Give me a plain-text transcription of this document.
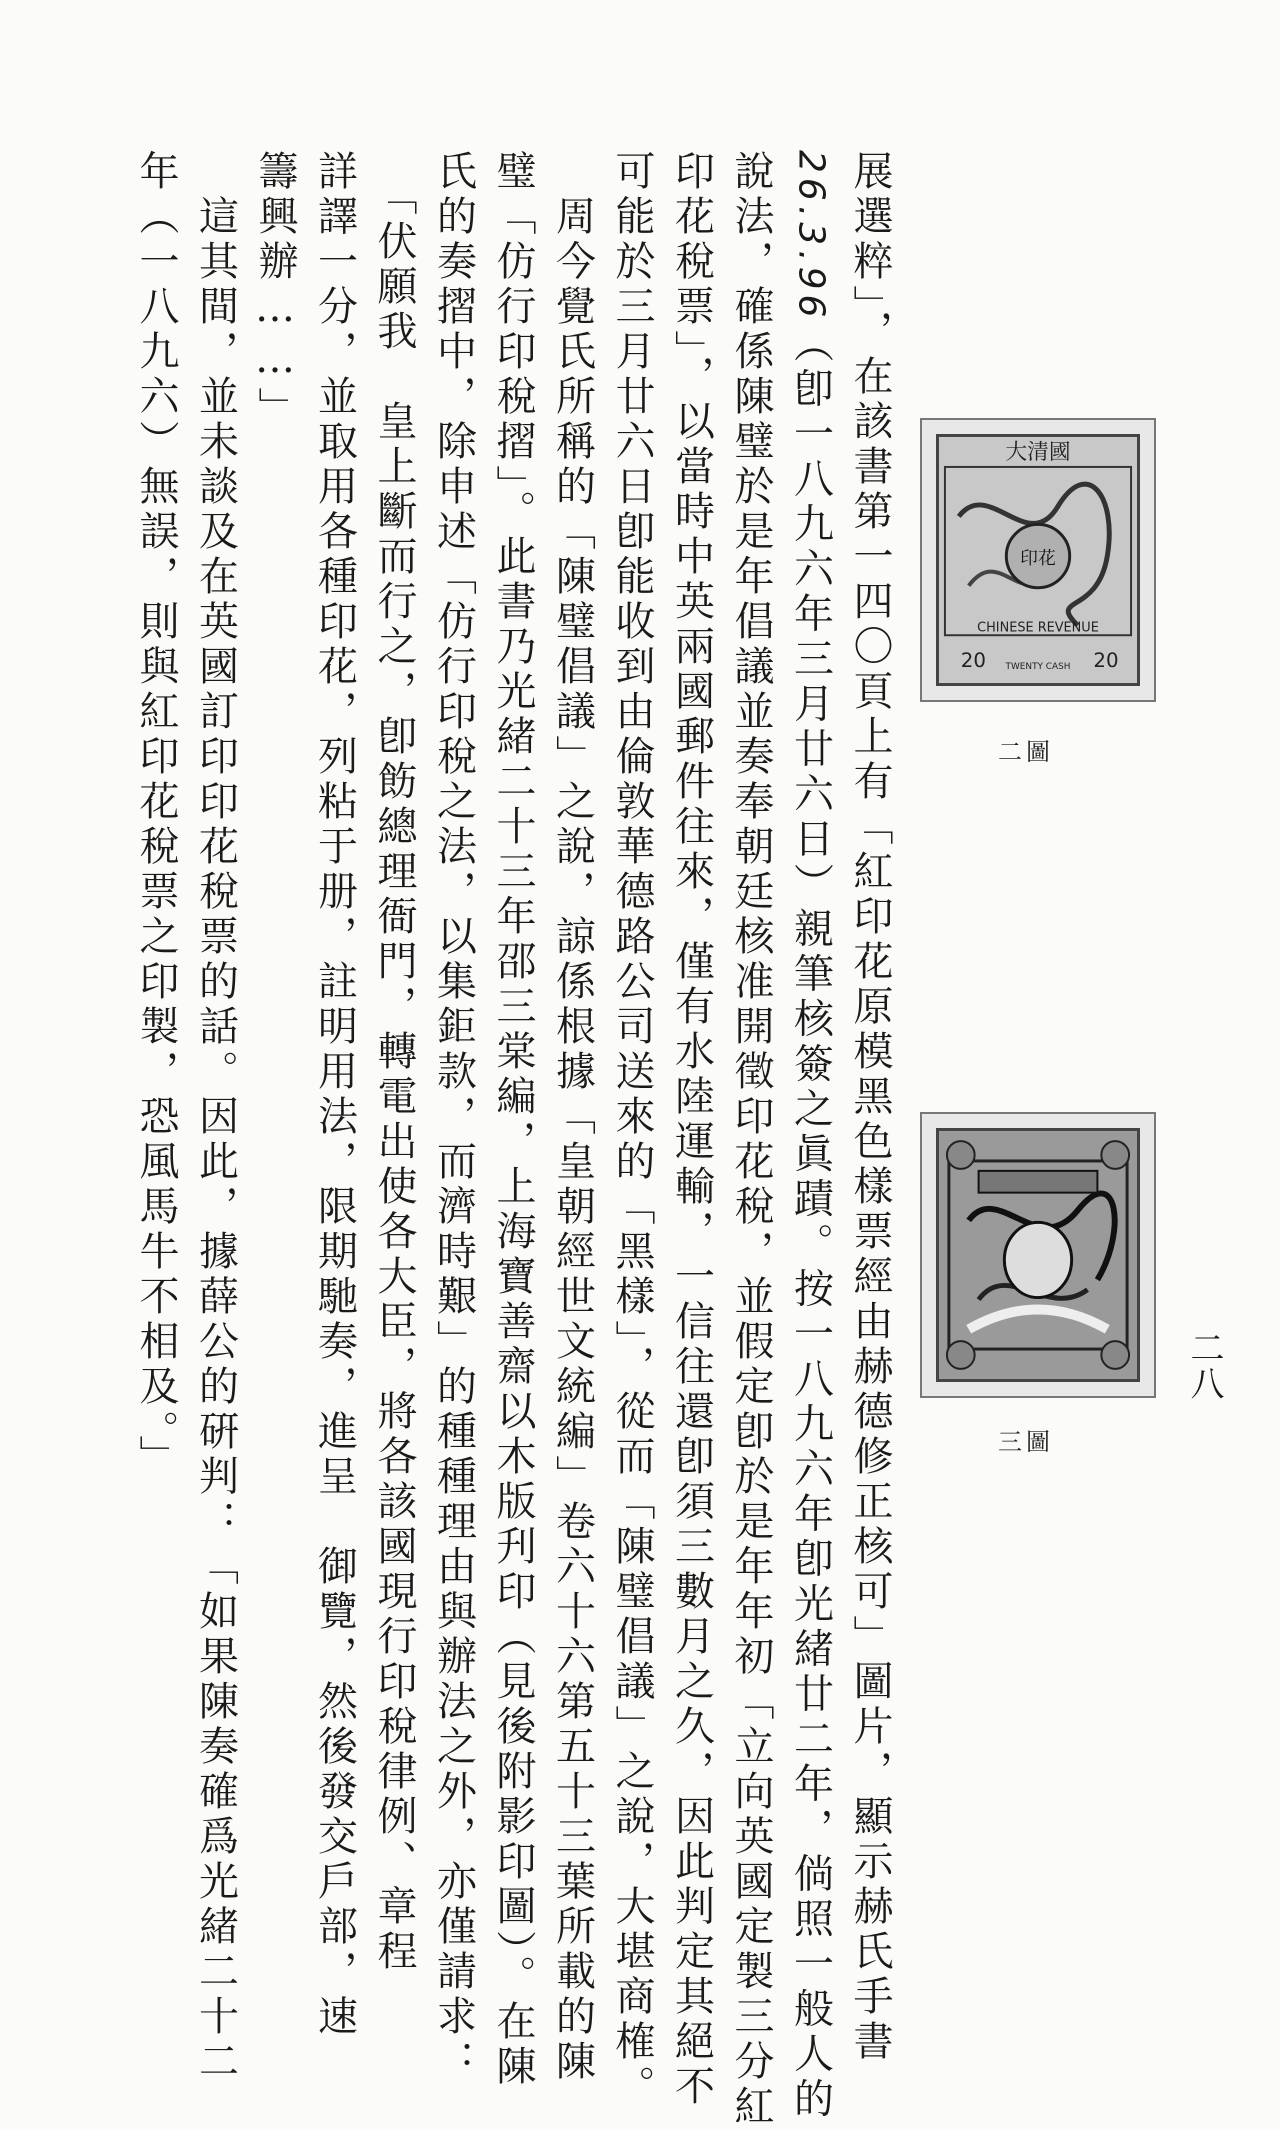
展選粹」，在該書第一四〇頁上有「紅印花原模黑色樣票經由赫德修正核可」圖片，顯示赫氏手書
26.3.96（卽一八九六年三月廿六日）親筆核簽之眞蹟。按一八九六年卽光緒廿二年，倘照一般人的
說法，確係陳璧於是年倡議並奏奉朝廷核准開徵印花稅，並假定卽於是年年初「立向英國定製三分紅
印花稅票」，以當時中英兩國郵件往來，僅有水陸運輸，一信往還卽須三數月之久，因此判定其絕不
可能於三月廿六日卽能收到由倫敦華德路公司送來的「黑樣」，從而「陳璧倡議」之說，大堪商榷。
　周今覺氏所稱的「陳璧倡議」之說，諒係根據「皇朝經世文統編」卷六十六第五十三葉所載的陳
璧「仿行印稅摺」。此書乃光緒二十三年邵三棠編，上海寶善齋以木版刋印（見後附影印圖）。在陳
氏的奏摺中，除申述「仿行印稅之法，以集鉅款，而濟時艱」的種種理由與辦法之外，亦僅請求：
　「伏願我　皇上斷而行之，卽飭總理衙門，轉電出使各大臣，將各該國現行印稅律例、章程
詳譯一分，並取用各種印花，列粘于册，註明用法，限期馳奏，進呈　御覽，然後發交戶部，速
籌興辦……」
　這其間，並未談及在英國訂印印花稅票的話。因此，據薛公的硏判：「如果陳奏確爲光緒二十二
年（一八九六）無誤，則與紅印花稅票之印製，恐風馬牛不相及。」	大清國
印花
CHINESE REVENUE
20 TWENTY CASH 20
二圖
三圖
二八
